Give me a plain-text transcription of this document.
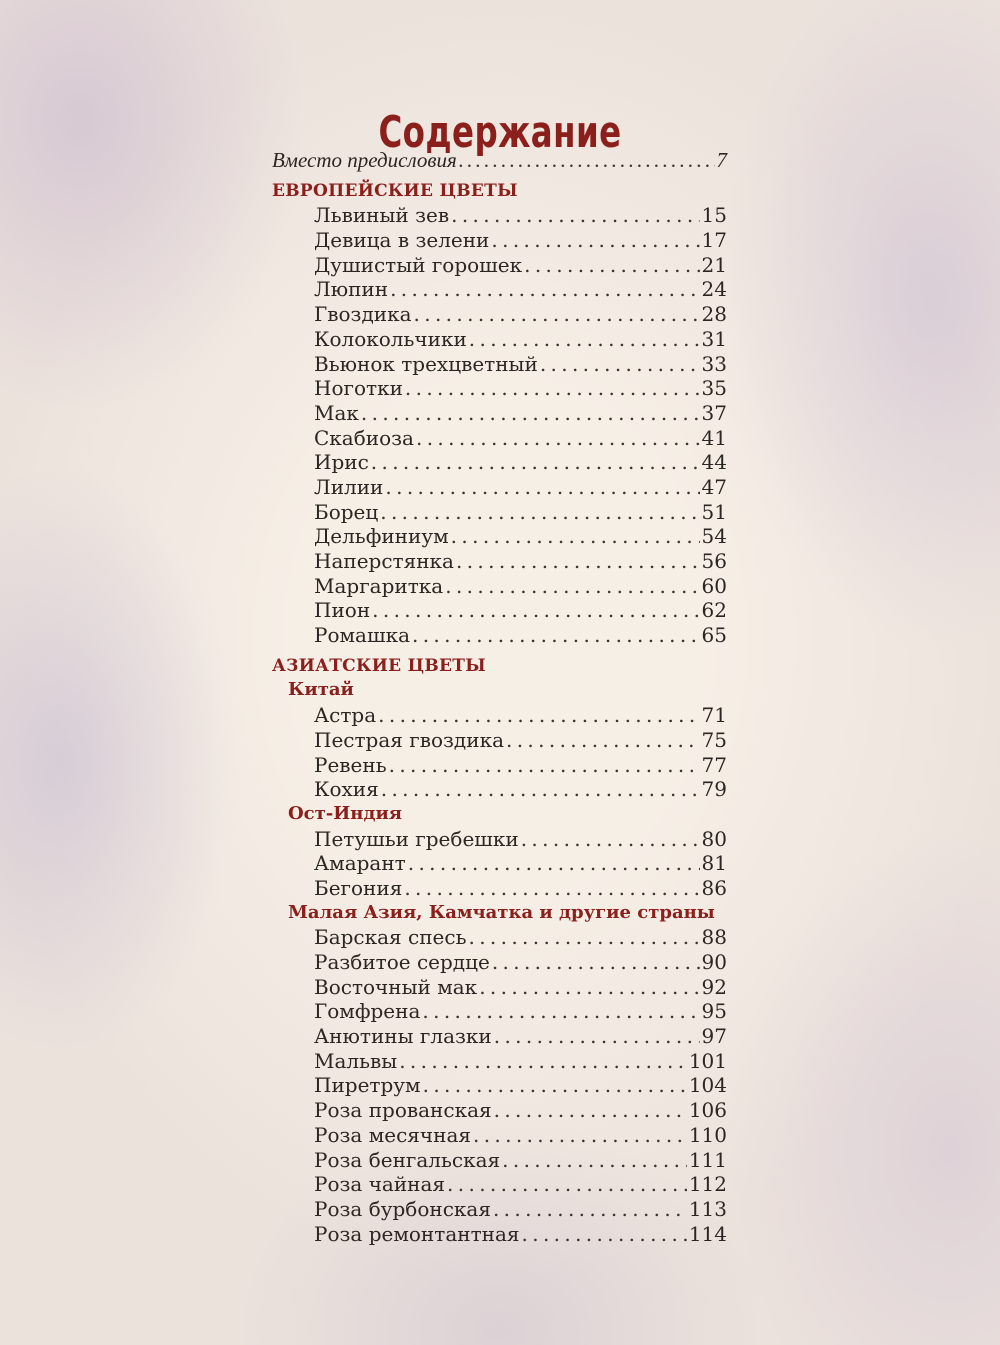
Содержание
Вместо предисловия . . .	7
ЕВРОПЕЙСКИЕ ЦВЕТЫ
Львиный зев . . .	15
Девица в зелени . . .	17
Душистый горошек . . .	21
Люпин . . .	24
Гвоздика . . .	28
Колокольчики . . .	31
Вьюнок трехцветный . . .	33
Ноготки . . .	35
Мак . . .	37
Скабиоза . . .	41
Ирис . . .	44
Лилии . . .	47
Борец . . .	51
Дельфиниум . . .	54
Наперстянка . . .	56
Маргаритка . . .	60
Пион . . .	62
Ромашка . . .	65
АЗИАТСКИЕ ЦВЕТЫ
Китай
Астра . . .	71
Пестрая гвоздика . . .	75
Ревень . . .	77
Кохия . . .	79
Ост-Индия
Петушьи гребешки . . .	80
Амарант . . .	81
Бегония . . .	86
Малая Азия, Камчатка и другие страны
Барская спесь . . .	88
Разбитое сердце . . .	90
Восточный мак . . .	92
Гомфрена . . .	95
Анютины глазки . . .	97
Мальвы . . .	101
Пиретрум . . .	104
Роза прованская . . .	106
Роза месячная . . .	110
Роза бенгальская . . .	111
Роза чайная . . .	112
Роза бурбонская . . .	113
Роза ремонтантная . . .	114
